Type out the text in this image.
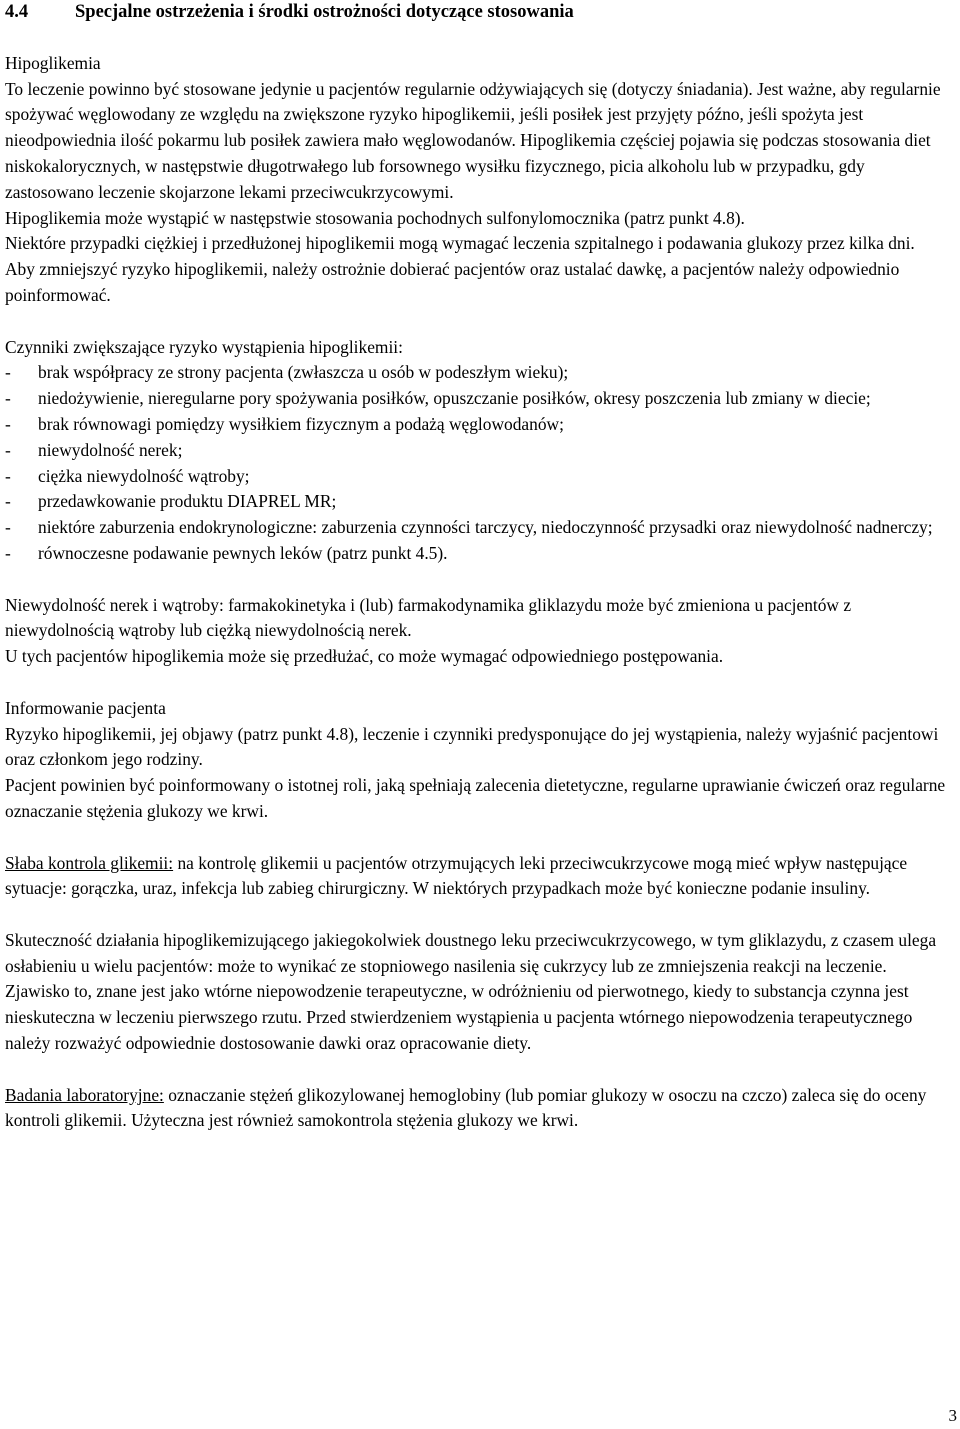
4.4	Specjalne ostrzeżenia i środki ostrożności dotyczące stosowania

Hipoglikemia

To leczenie powinno być stosowane jedynie u pacjentów regularnie odżywiających się (dotyczy śniadania). Jest ważne, aby regularnie spożywać węglowodany ze względu na zwiększone ryzyko hipoglikemii, jeśli posiłek jest przyjęty późno, jeśli spożyta jest nieodpowiednia ilość pokarmu lub posiłek zawiera mało węglowodanów. Hipoglikemia częściej pojawia się podczas stosowania diet niskokalorycznych, w następstwie długotrwałego lub forsownego wysiłku fizycznego, picia alkoholu lub w przypadku, gdy zastosowano leczenie skojarzone lekami przeciwcukrzycowymi.

Hipoglikemia może wystąpić w następstwie stosowania pochodnych sulfonylomocznika (patrz punkt 4.8).

Niektóre przypadki ciężkiej i przedłużonej hipoglikemii mogą wymagać leczenia szpitalnego i podawania glukozy przez kilka dni.

Aby zmniejszyć ryzyko hipoglikemii, należy ostrożnie dobierać pacjentów oraz ustalać dawkę, a pacjentów należy odpowiednio poinformować.

Czynniki zwiększające ryzyko wystąpienia hipoglikemii:

- brak współpracy ze strony pacjenta (zwłaszcza u osób w podeszłym wieku);
- niedożywienie, nieregularne pory spożywania posiłków, opuszczanie posiłków, okresy poszczenia lub zmiany w diecie;
- brak równowagi pomiędzy wysiłkiem fizycznym a podażą węglowodanów;
- niewydolność nerek;
- ciężka niewydolność wątroby;
- przedawkowanie produktu DIAPREL MR;
- niektóre zaburzenia endokrynologiczne: zaburzenia czynności tarczycy, niedoczynność przysadki oraz niewydolność nadnerczy;
- równoczesne podawanie pewnych leków (patrz punkt 4.5).

Niewydolność nerek i wątroby: farmakokinetyka i (lub) farmakodynamika gliklazydu może być zmieniona u pacjentów z niewydolnością wątroby lub ciężką niewydolnością nerek.

U tych pacjentów hipoglikemia może się przedłużać, co może wymagać odpowiedniego postępowania.

Informowanie pacjenta

Ryzyko hipoglikemii, jej objawy (patrz punkt 4.8), leczenie i czynniki predysponujące do jej wystąpienia, należy wyjaśnić pacjentowi oraz członkom jego rodziny.

Pacjent powinien być poinformowany o istotnej roli, jaką spełniają zalecenia dietetyczne, regularne uprawianie ćwiczeń oraz regularne oznaczanie stężenia glukozy we krwi.

Słaba kontrola glikemii: na kontrolę glikemii u pacjentów otrzymujących leki przeciwcukrzycowe mogą mieć wpływ następujące sytuacje: gorączka, uraz, infekcja lub zabieg chirurgiczny. W niektórych przypadkach może być konieczne podanie insuliny.

Skuteczność działania hipoglikemizującego jakiegokolwiek doustnego leku przeciwcukrzycowego, w tym gliklazydu, z czasem ulega osłabieniu u wielu pacjentów: może to wynikać ze stopniowego nasilenia się cukrzycy lub ze zmniejszenia reakcji na leczenie. Zjawisko to, znane jest jako wtórne niepowodzenie terapeutyczne, w odróżnieniu od pierwotnego, kiedy to substancja czynna jest nieskuteczna w leczeniu pierwszego rzutu. Przed stwierdzeniem wystąpienia u pacjenta wtórnego niepowodzenia terapeutycznego należy rozważyć odpowiednie dostosowanie dawki oraz opracowanie diety.

Badania laboratoryjne: oznaczanie stężeń glikozylowanej hemoglobiny (lub pomiar glukozy w osoczu na czczo) zaleca się do oceny kontroli glikemii. Użyteczna jest również samokontrola stężenia glukozy we krwi.

3
